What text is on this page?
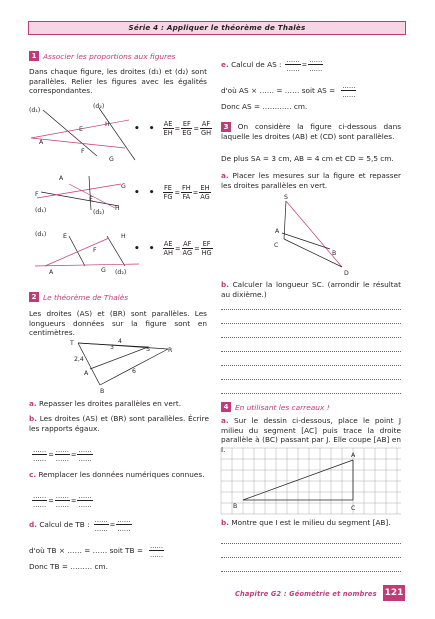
Série 4 : Appliquer le théorème de Thalès
1 Associer les proportions aux figures
Dans chaque figure, les droites (d₁) et (d₂) sont parallèles. Relier les figures avec les égalités correspondantes.
(d₁)
(d₂)
A
E
H
F
G
A
G
F
E
H
(d₁)	(d₂)
(d₁)	E	H
F
A	G (d₂)
• • $\frac{AE}{EH} = \frac{EF}{EG} = \frac{AF}{GH}$
• • $\frac{FE}{FG} = \frac{FH}{FA} = \frac{EH}{AG}$
• • $\frac{AE}{AH} = \frac{AF}{AG} = \frac{EF}{HG}$
2 Le théorème de Thalès
Les droites (AS) et (BR) sont parallèles. Les longueurs données sur la figure sont en centimètres.
T
S	R
A
B
4
3
2,4
6
a. Repasser les droites parallèles en vert.
b. Les droites (AS) et (BR) sont parallèles. Écrire les rapports égaux.
$\frac{\dots\dots}{\dots\dots} = \frac{\dots\dots}{\dots\dots} = \frac{\dots\dots}{\dots\dots}$
c. Remplacer les données numériques connues.
$\frac{\dots\dots}{\dots\dots} = \frac{\dots\dots}{\dots\dots} = \frac{\dots\dots}{\dots\dots}$
d.
Calcul de TB : $\frac{\dots\dots}{\dots\dots} = \frac{\dots\dots}{\dots\dots}$
d'où TB ×
…… = ……
soit TB = $\frac{\dots\dots}{\dots\dots}$
Donc TB = ……… cm.
e.
Calcul de AS : $\frac{\dots\dots}{\dots\dots} = \frac{\dots\dots}{\dots\dots}$
d'où AS ×
…… = ……
soit AS = $\frac{\dots\dots}{\dots\dots}$
Donc AS = ………… cm.
3 On considère la figure ci-dessous dans laquelle les droites (AB) et (CD) sont parallèles.
De plus SA = 3 cm, AB = 4 cm et CD = 5,5 cm.
a. Placer les mesures sur la figure et repasser les droites parallèles en vert.
S
A
C
B
D
b. Calculer la longueur SC. (arrondir le résultat au dixième.)
4 En utilisant les carreaux !
a. Sur le dessin ci-dessous, place le point J milieu du segment [AC] puis trace la droite parallèle à (BC) passant par J. Elle coupe [AB] en I.
A
B	C
b. Montre que I est le milieu du segment [AB].
Chapitre G2 : Géométrie et nombres 121
